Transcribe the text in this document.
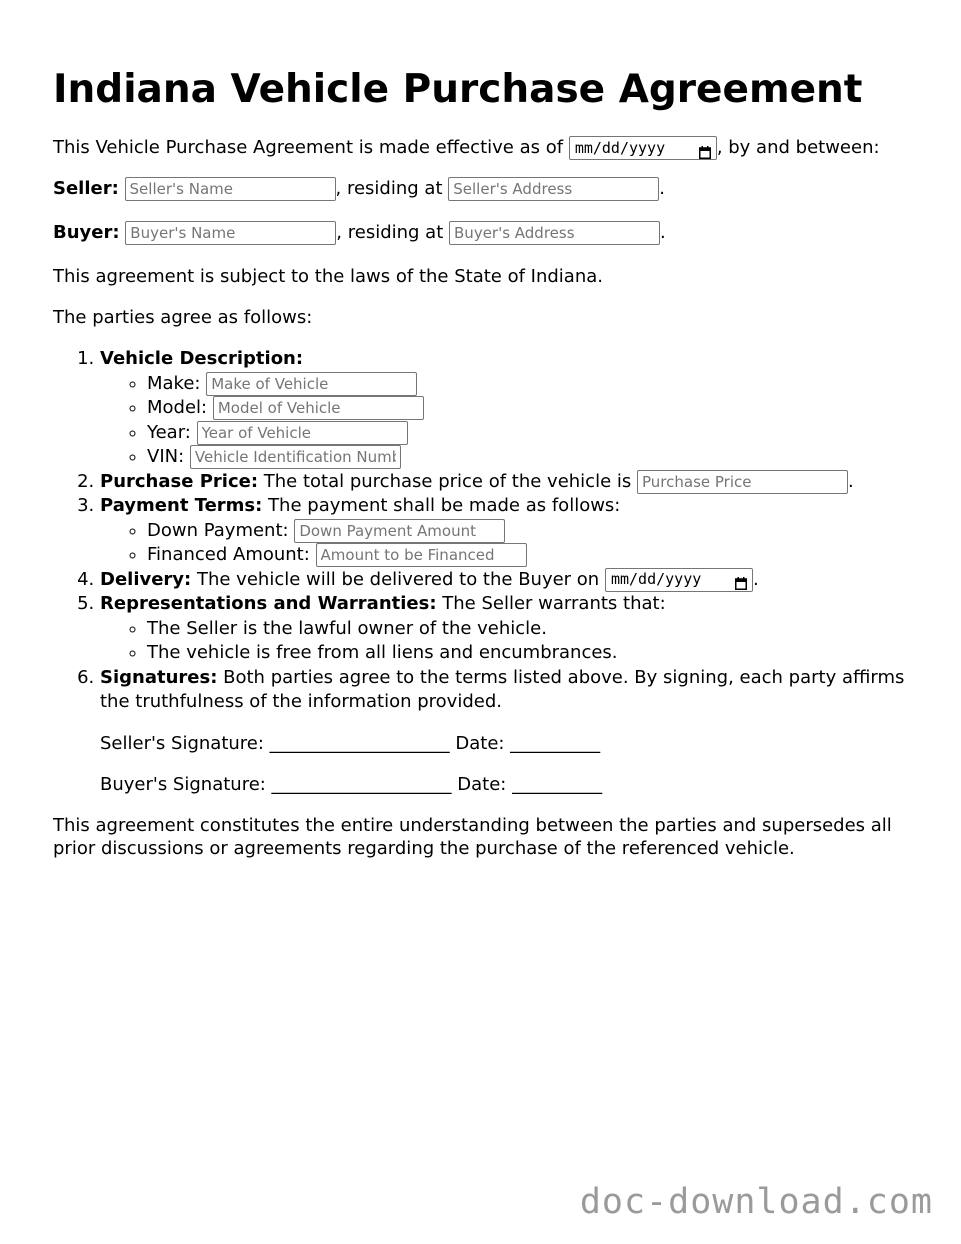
Indiana Vehicle Purchase Agreement

This Vehicle Purchase Agreement is made effective as of mm/dd/yyyy	, by and between:

Seller: Seller's Name	, residing at Seller's Address	.

Buyer: Buyer's Name	, residing at Buyer's Address	.

This agreement is subject to the laws of the State of Indiana.

The parties agree as follows:

1. Vehicle Description:
◦ Make: Make of Vehicle
◦ Model: Model of Vehicle
◦ Year: Year of Vehicle
◦ VIN: Vehicle Identification Number
2. Purchase Price: The total purchase price of the vehicle is Purchase Price	.
3. Payment Terms: The payment shall be made as follows:
◦ Down Payment: Down Payment Amount
◦ Financed Amount: Amount to be Financed
4. Delivery: The vehicle will be delivered to the Buyer on mm/dd/yyyy	.
5. Representations and Warranties: The Seller warrants that:
◦ The Seller is the lawful owner of the vehicle.
◦ The vehicle is free from all liens and encumbrances.
6. Signatures: Both parties agree to the terms listed above. By signing, each party affirms the truthfulness of the information provided.
Seller's Signature: ____________________ Date: __________
Buyer's Signature: ____________________ Date: __________

This agreement constitutes the entire understanding between the parties and supersedes all prior discussions or agreements regarding the purchase of the referenced vehicle.

doc-download.com
